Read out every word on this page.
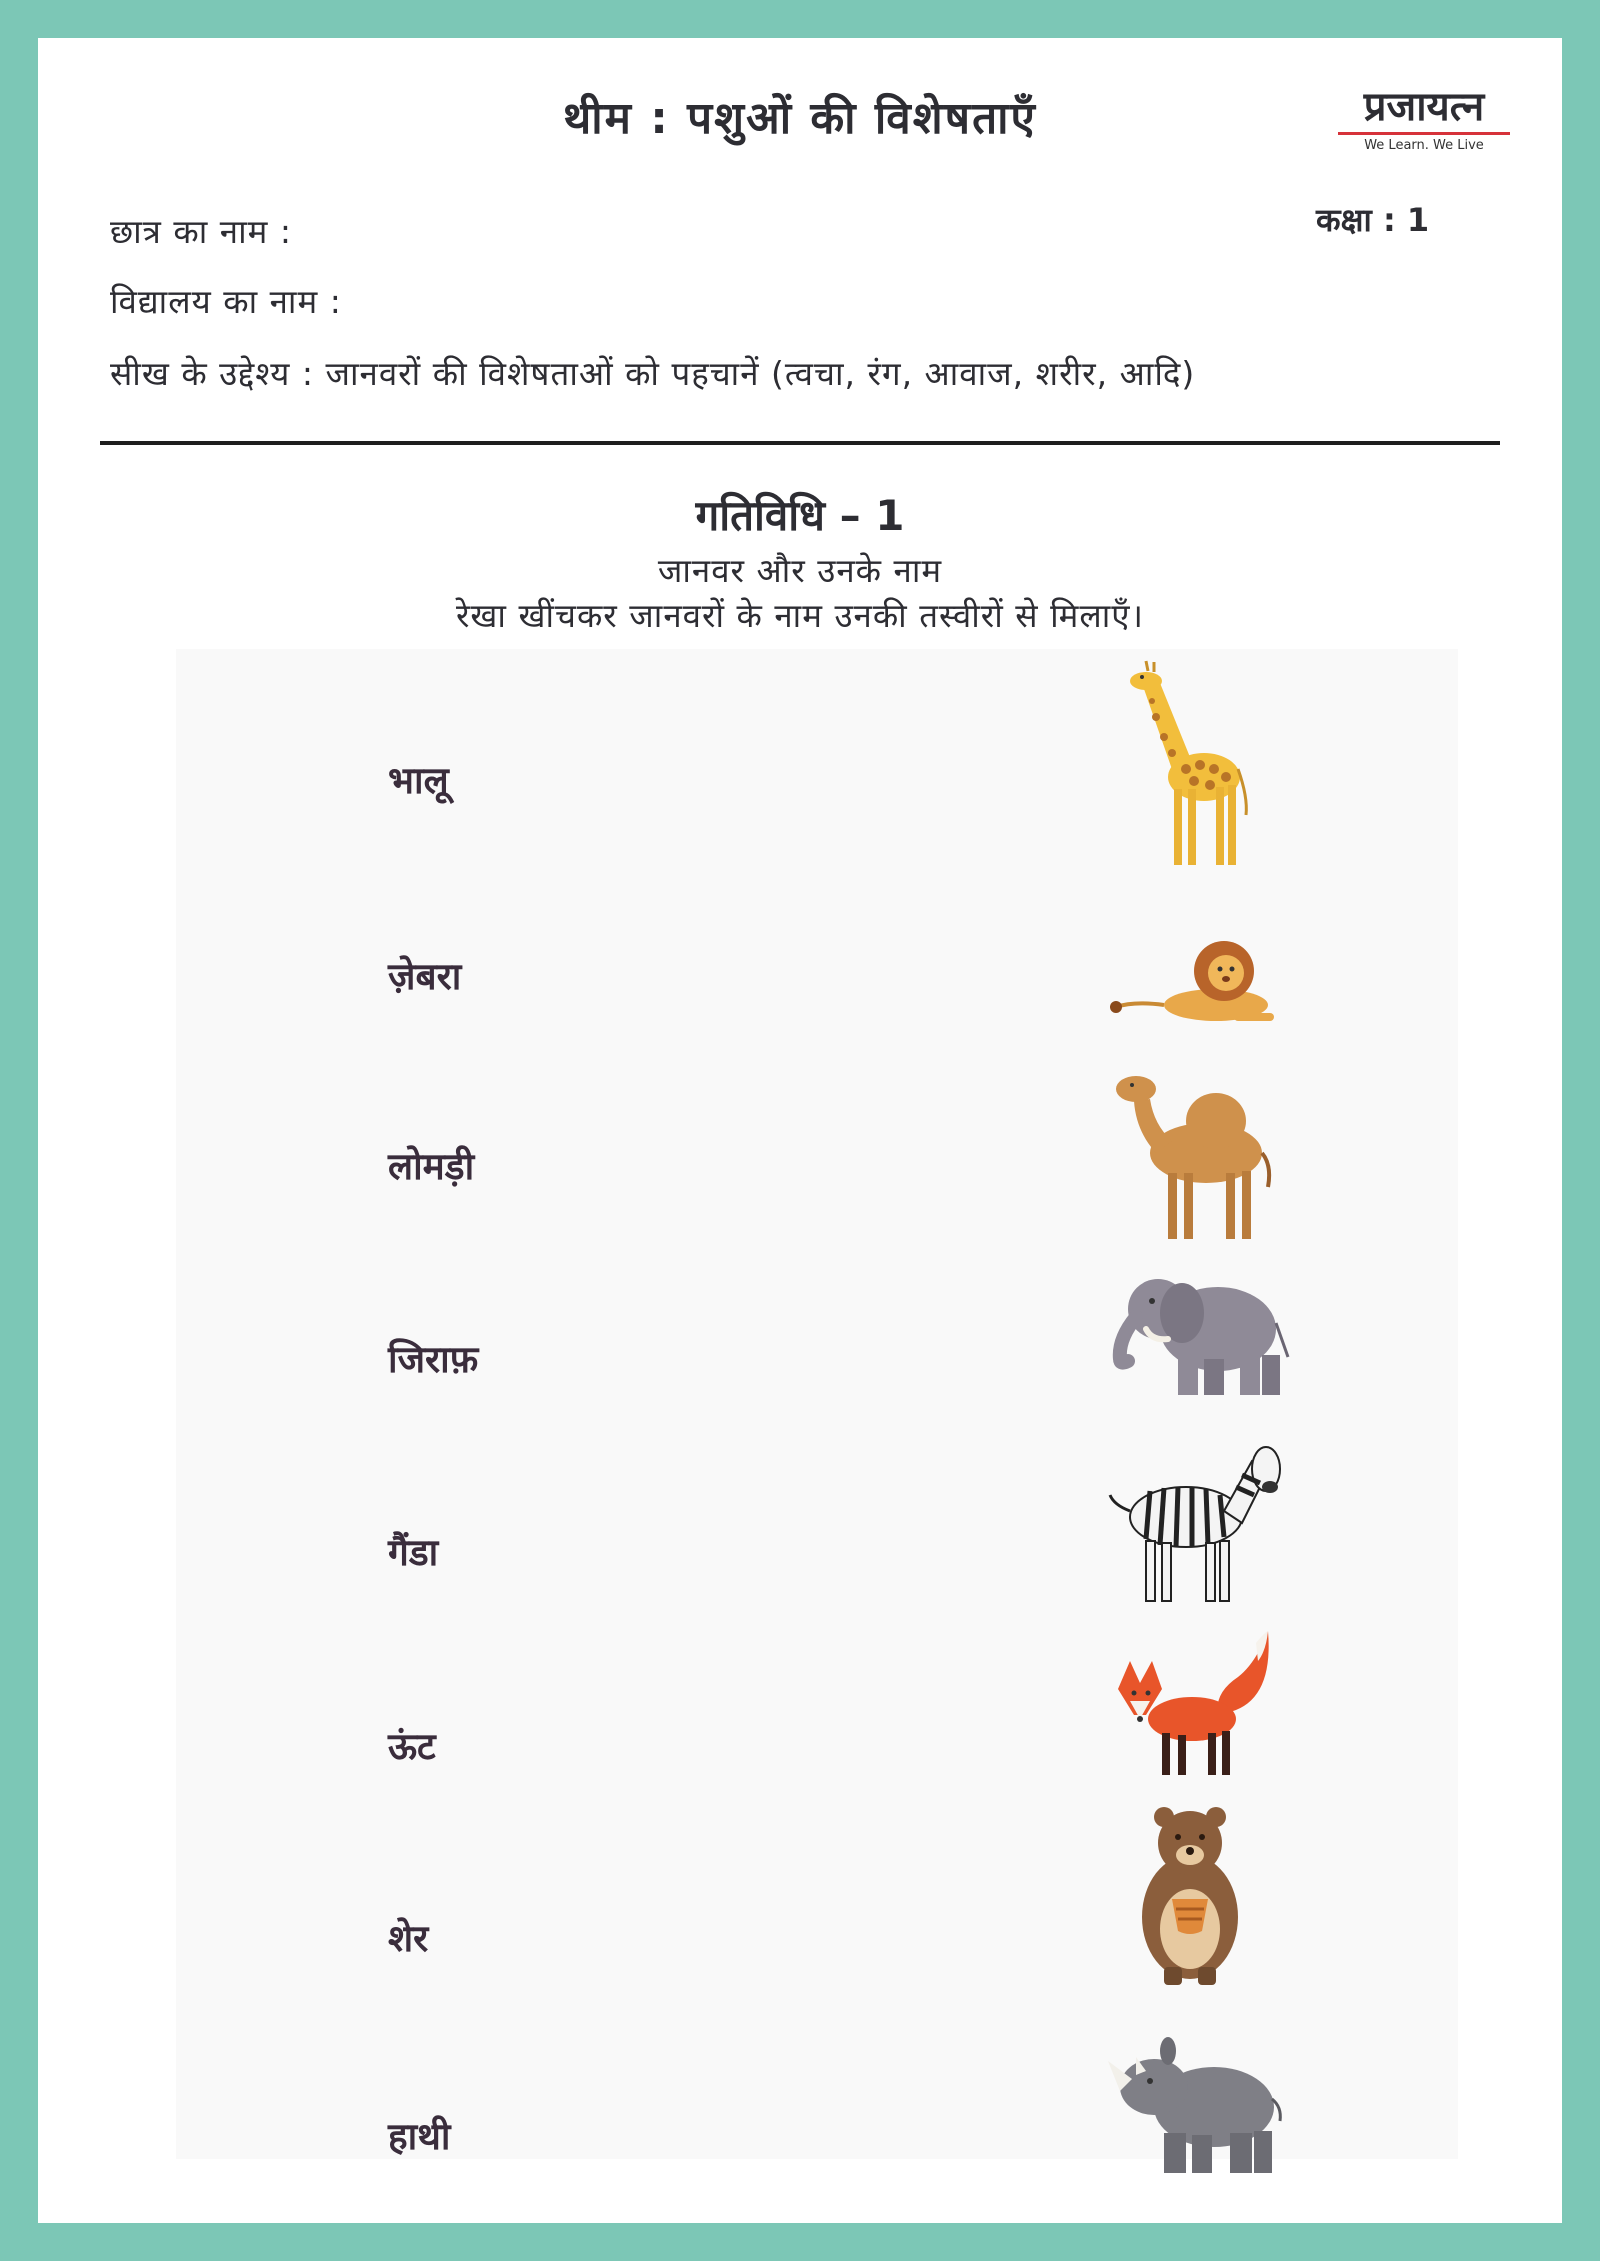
थीम : पशुओं की विशेषताएँ	प्रजायत्न
We Learn. We Live
छात्र का नाम :
विद्यालय का नाम :
सीख के उद्देश्य : जानवरों की विशेषताओं को पहचानें (त्वचा, रंग, आवाज, शरीर, आदि)
कक्षा : 1
गतिविधि – 1
जानवर और उनके नाम
रेखा खींचकर जानवरों के नाम उनकी तस्वीरों से मिलाएँ।
भालू
ज़ेबरा
लोमड़ी
जिराफ़
गैंडा
ऊंट
शेर
हाथी
